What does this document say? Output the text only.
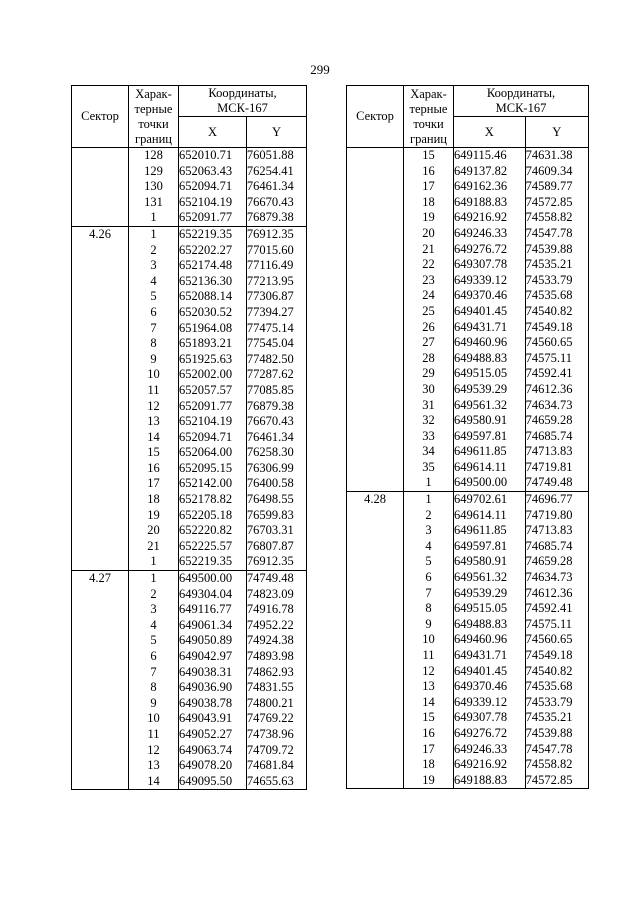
299
Сектор	Харак-
терные
точки
границ	Координаты,
МСК-167	
		X	Y
	128	652010.71	76051.88
	129	652063.43	76254.41
	130	652094.71	76461.34
	131	652104.19	76670.43
	1	652091.77	76879.38
4.26	1	652219.35	76912.35
	2	652202.27	77015.60
	3	652174.48	77116.49
	4	652136.30	77213.95
	5	652088.14	77306.87
	6	652030.52	77394.27
	7	651964.08	77475.14
	8	651893.21	77545.04
	9	651925.63	77482.50
	10	652002.00	77287.62
	11	652057.57	77085.85
	12	652091.77	76879.38
	13	652104.19	76670.43
	14	652094.71	76461.34
	15	652064.00	76258.30
	16	652095.15	76306.99
	17	652142.00	76400.58
	18	652178.82	76498.55
	19	652205.18	76599.83
	20	652220.82	76703.31
	21	652225.57	76807.87
	1	652219.35	76912.35
4.27	1	649500.00	74749.48
	2	649304.04	74823.09
	3	649116.77	74916.78
	4	649061.34	74952.22
	5	649050.89	74924.38
	6	649042.97	74893.98
	7	649038.31	74862.93
	8	649036.90	74831.55
	9	649038.78	74800.21
	10	649043.91	74769.22
	11	649052.27	74738.96
	12	649063.74	74709.72
	13	649078.20	74681.84
	14	649095.50	74655.63
Сектор	Харак-
терные
точки
границ	Координаты,
МСК-167	
		X	Y
	15	649115.46	74631.38
	16	649137.82	74609.34
	17	649162.36	74589.77
	18	649188.83	74572.85
	19	649216.92	74558.82
	20	649246.33	74547.78
	21	649276.72	74539.88
	22	649307.78	74535.21
	23	649339.12	74533.79
	24	649370.46	74535.68
	25	649401.45	74540.82
	26	649431.71	74549.18
	27	649460.96	74560.65
	28	649488.83	74575.11
	29	649515.05	74592.41
	30	649539.29	74612.36
	31	649561.32	74634.73
	32	649580.91	74659.28
	33	649597.81	74685.74
	34	649611.85	74713.83
	35	649614.11	74719.81
	1	649500.00	74749.48
4.28	1	649702.61	74696.77
	2	649614.11	74719.80
	3	649611.85	74713.83
	4	649597.81	74685.74
	5	649580.91	74659.28
	6	649561.32	74634.73
	7	649539.29	74612.36
	8	649515.05	74592.41
	9	649488.83	74575.11
	10	649460.96	74560.65
	11	649431.71	74549.18
	12	649401.45	74540.82
	13	649370.46	74535.68
	14	649339.12	74533.79
	15	649307.78	74535.21
	16	649276.72	74539.88
	17	649246.33	74547.78
	18	649216.92	74558.82
	19	649188.83	74572.85
